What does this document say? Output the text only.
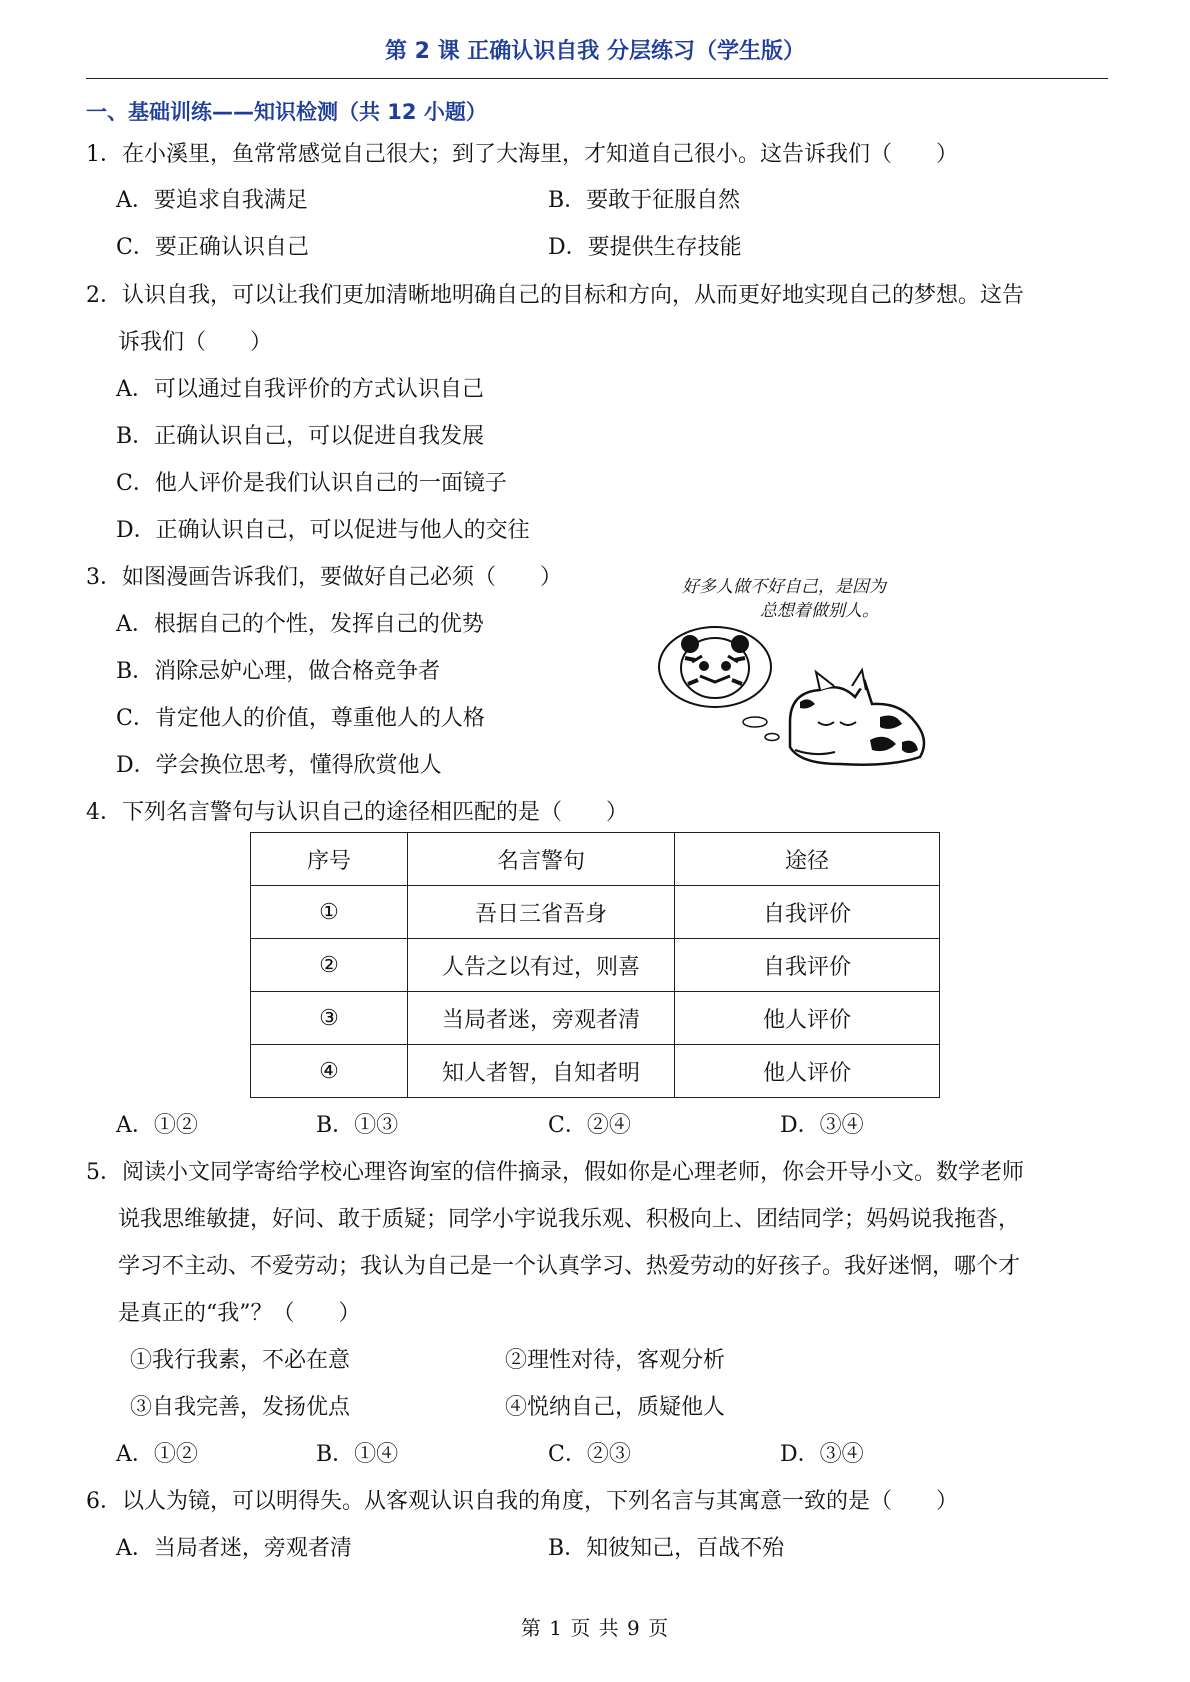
第 2 课 正确认识自我 分层练习（学生版）
一、基础训练——知识检测（共 12 小题）
1．在小溪里，鱼常常感觉自己很大；到了大海里，才知道自己很小。这告诉我们（　　）
A．要追求自我满足	B．要敢于征服自然
C．要正确认识自己	D．要提供生存技能
2．认识自我，可以让我们更加清晰地明确自己的目标和方向，从而更好地实现自己的梦想。这告
诉我们（　　）
A．可以通过自我评价的方式认识自己
B．正确认识自己，可以促进自我发展
C．他人评价是我们认识自己的一面镜子
D．正确认识自己，可以促进与他人的交往
3．如图漫画告诉我们，要做好自己必须（　　）
A．根据自己的个性，发挥自己的优势
B．消除忌妒心理，做合格竞争者
C．肯定他人的价值，尊重他人的人格
D．学会换位思考，懂得欣赏他人
好多人做不好自己，是因为
总想着做别人。
4．下列名言警句与认识自己的途径相匹配的是（　　）
序号	名言警句	途径
①	吾日三省吾身	自我评价
②	人告之以有过，则喜	自我评价
③	当局者迷，旁观者清	他人评价
④	知人者智，自知者明	他人评价
A．①②	B．①③	C．②④	D．③④
5．阅读小文同学寄给学校心理咨询室的信件摘录，假如你是心理老师，你会开导小文。数学老师
说我思维敏捷，好问、敢于质疑；同学小宇说我乐观、积极向上、团结同学；妈妈说我拖沓，
学习不主动、不爱劳动；我认为自己是一个认真学习、热爱劳动的好孩子。我好迷惘，哪个才
是真正的“我”？（　　）
①我行我素，不必在意	②理性对待，客观分析
③自我完善，发扬优点	④悦纳自己，质疑他人
A．①②	B．①④	C．②③	D．③④
6．以人为镜，可以明得失。从客观认识自我的角度，下列名言与其寓意一致的是（　　）
A．当局者迷，旁观者清	B．知彼知己，百战不殆
第 1 页 共 9 页
